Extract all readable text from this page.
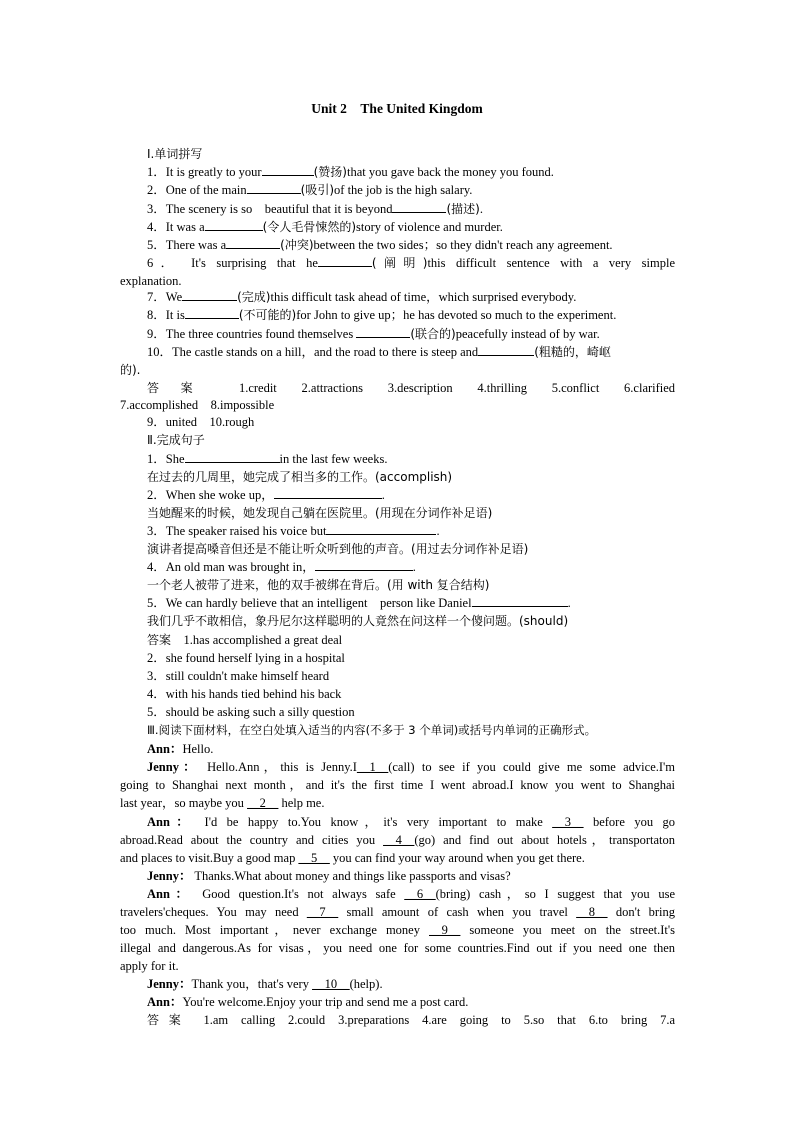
Unit 2　The United Kingdom
Ⅰ.单词拼写
1．It is greatly to your	(赞扬)that you gave back the money you found.
2．One of the main	(吸引)of the job is the high salary.
3．The scenery is so　beautiful that it is beyond	(描述).
4．It was a	(令人毛骨悚然的)story of violence and murder.
5．There was a	(冲突)between the two sides；so they didn't reach any agreement.
6． It's surprising that he	(阐明)this difficult sentence with a very simple
explanation.
7．We	(完成)this difficult task ahead of time，which surprised everybody.
8．It is	(不可能的)for John to give up；he has devoted so much to the experiment.
9．The three countries found themselves	(联合的)peacefully instead of by war.
10．The castle stands on a hill，and the road to there is steep and	(粗糙的，崎岖
的).
答案 1.credit 2.attractions 3.description 4.thrilling 5.conflict 6.clarified
7.accomplished　8.impossible
9．united　10.rough
Ⅱ.完成句子
1．She	in the last few weeks.
在过去的几周里，她完成了相当多的工作。(accomplish)
2．When she woke up，	.
当她醒来的时候，她发现自己躺在医院里。(用现在分词作补足语)
3．The speaker raised his voice but	.
演讲者提高嗓音但还是不能让听众听到他的声音。(用过去分词作补足语)
4．An old man was brought in，	.
一个老人被带了进来，他的双手被绑在背后。(用 with 复合结构)
5．We can hardly believe that an intelligent　person like Daniel	.
我们几乎不敢相信，象丹尼尔这样聪明的人竟然在问这样一个傻问题。(should)
答案　 1.has accomplished a great deal
2．she found herself lying in a hospital
3．still couldn't make himself heard
4．with his hands tied behind his back
5．should be asking such a silly question
Ⅲ.阅读下面材料，在空白处填入适当的内容(不多于 3 个单词)或括号内单词的正确形式。
Ann：Hello.
Jenny： Hello.Ann，this is Jenny.I__1__(call) to see if you could give me some advice.I'm
going to Shanghai next month，and it's the first time I went abroad.I know you went to Shanghai
last year，so maybe you __2__ help me.
Ann： I'd be happy to.You know，it's very important to make __3__ before you go
abroad.Read about the country and cities you __4__(go) and find out about hotels，transportaton
and places to visit.Buy a good map __5__ you can find your way around when you get there.
Jenny： Thanks.What about money and things like passports and visas?
Ann： Good question.It's not always safe __6__(bring) cash，so I suggest that you use
travelers'cheques. You may need __7__ small amount of cash when you travel __8__ don't bring
too much. Most important，never exchange money __9__ someone you meet on the street.It's
illegal and dangerous.As for visas，you need one for some countries.Find out if you need one then
apply for it.
Jenny：Thank you，that's very __10__(help).
Ann：You're welcome.Enjoy your trip and send me a post card.
答案 1.am calling 2.could 3.preparations 4.are going to 5.so that 6.to bring 7.a
